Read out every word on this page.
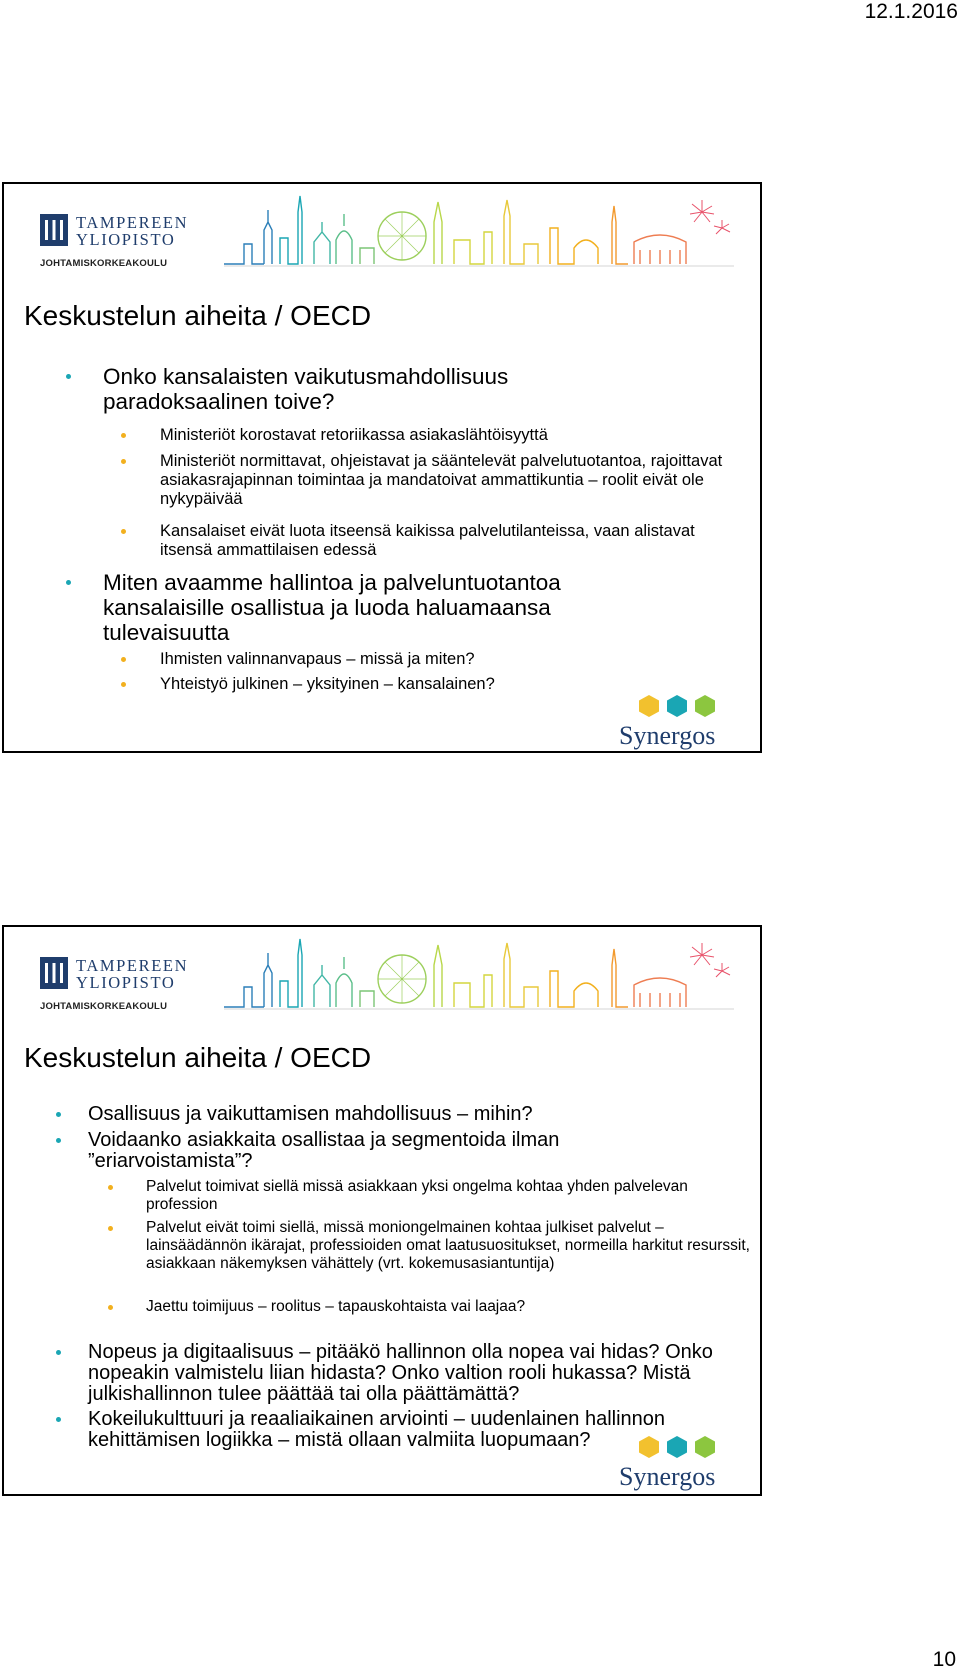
12.1.2016
TAMPEREEN
YLIOPISTO
JOHTAMISKORKEAKOULU
Keskustelun aiheita / OECD
Onko kansalaisten vaikutusmahdollisuus paradoksaalinen toive?
Ministeriöt korostavat retoriikassa asiakaslähtöisyyttä
Ministeriöt normittavat, ohjeistavat ja sääntelevät palvelutuotantoa, rajoittavat asiakasrajapinnan toimintaa ja mandatoivat ammattikuntia – roolit eivät ole nykypäivää
Kansalaiset eivät luota itseensä kaikissa palvelutilanteissa, vaan alistavat itsensä ammattilaisen edessä
Miten avaamme hallintoa ja palveluntuotantoa kansalaisille osallistua ja luoda haluamaansa tulevaisuutta
Ihmisten valinnanvapaus – missä ja miten?
Yhteistyö julkinen – yksityinen – kansalainen?
Synergos
TAMPEREEN
YLIOPISTO
JOHTAMISKORKEAKOULU
Keskustelun aiheita / OECD
Osallisuus ja vaikuttamisen mahdollisuus – mihin?
Voidaanko asiakkaita osallistaa ja segmentoida ilman ”eriarvoistamista”?
Palvelut toimivat siellä missä asiakkaan yksi ongelma kohtaa yhden palvelevan profession
Palvelut eivät toimi siellä, missä moniongelmainen kohtaa julkiset palvelut – lainsäädännön ikärajat, professioiden omat laatusuositukset, normeilla harkitut resurssit, asiakkaan näkemyksen vähättely (vrt. kokemusasiantuntija)
Jaettu toimijuus – roolitus – tapauskohtaista vai laajaa?
Nopeus ja digitaalisuus – pitääkö hallinnon olla nopea vai hidas? Onko nopeakin valmistelu liian hidasta? Onko valtion rooli hukassa? Mistä julkishallinnon tulee päättää tai olla päättämättä?
Kokeilukulttuuri ja reaaliaikainen arviointi – uudenlainen hallinnon kehittämisen logiikka – mistä ollaan valmiita luopumaan?
Synergos
10
